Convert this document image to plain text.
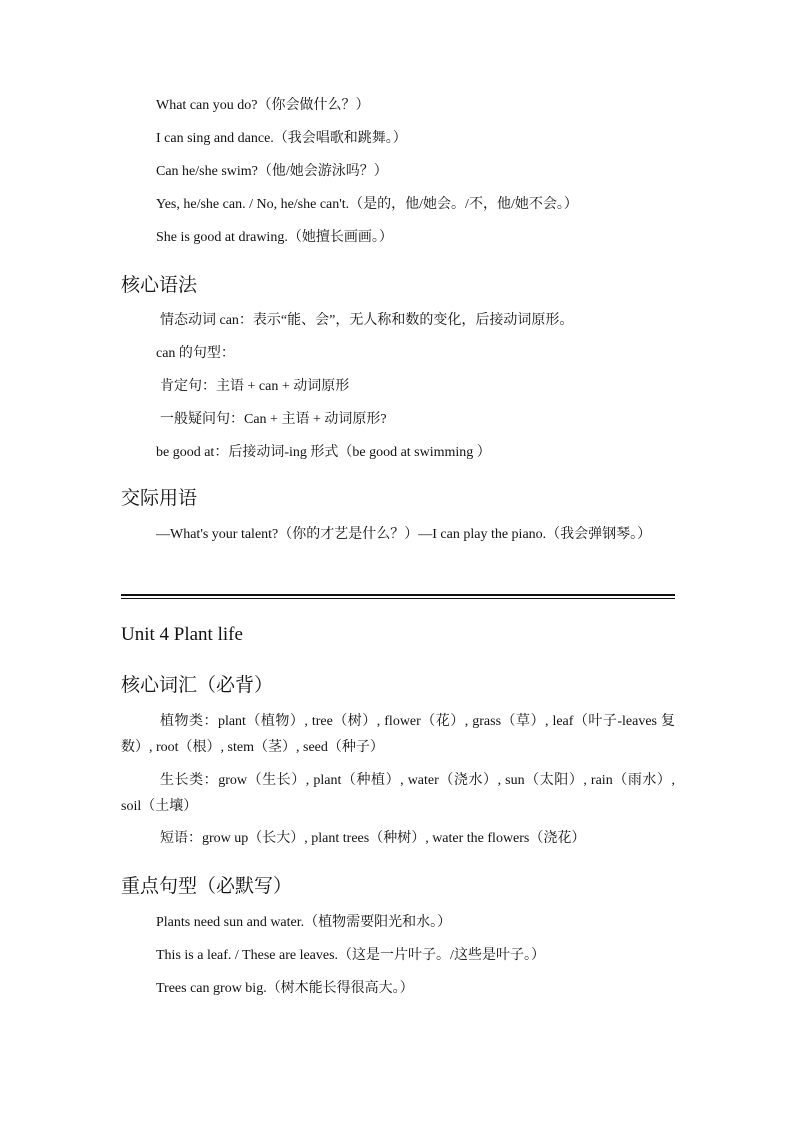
What can you do?（你会做什么？）
I can sing and dance.（我会唱歌和跳舞。）
Can he/she swim?（他/她会游泳吗？）
Yes, he/she can. / No, he/she can't.（是的，他/她会。/不，他/她不会。）
She is good at drawing.（她擅长画画。）
核心语法
情态动词 can：表示“能、会”，无人称和数的变化，后接动词原形。
can 的句型：
肯定句：主语 + can + 动词原形
一般疑问句：Can + 主语 + 动词原形?
be good at：后接动词-ing 形式（be good at swimming ）
交际用语
—What's your talent?（你的才艺是什么？）—I can play the piano.（我会弹钢琴。）
Unit 4 Plant life
核心词汇（必背）
植物类：plant（植物）, tree（树）, flower（花）, grass（草）, leaf（叶子-leaves 复数）, root（根）, stem（茎）, seed（种子）
生长类：grow（生长）, plant（种植）, water（浇水）, sun（太阳）, rain（雨水）, soil（土壤）
短语：grow up（长大）, plant trees（种树）, water the flowers（浇花）
重点句型（必默写）
Plants need sun and water.（植物需要阳光和水。）
This is a leaf. / These are leaves.（这是一片叶子。/这些是叶子。）
Trees can grow big.（树木能长得很高大。）
